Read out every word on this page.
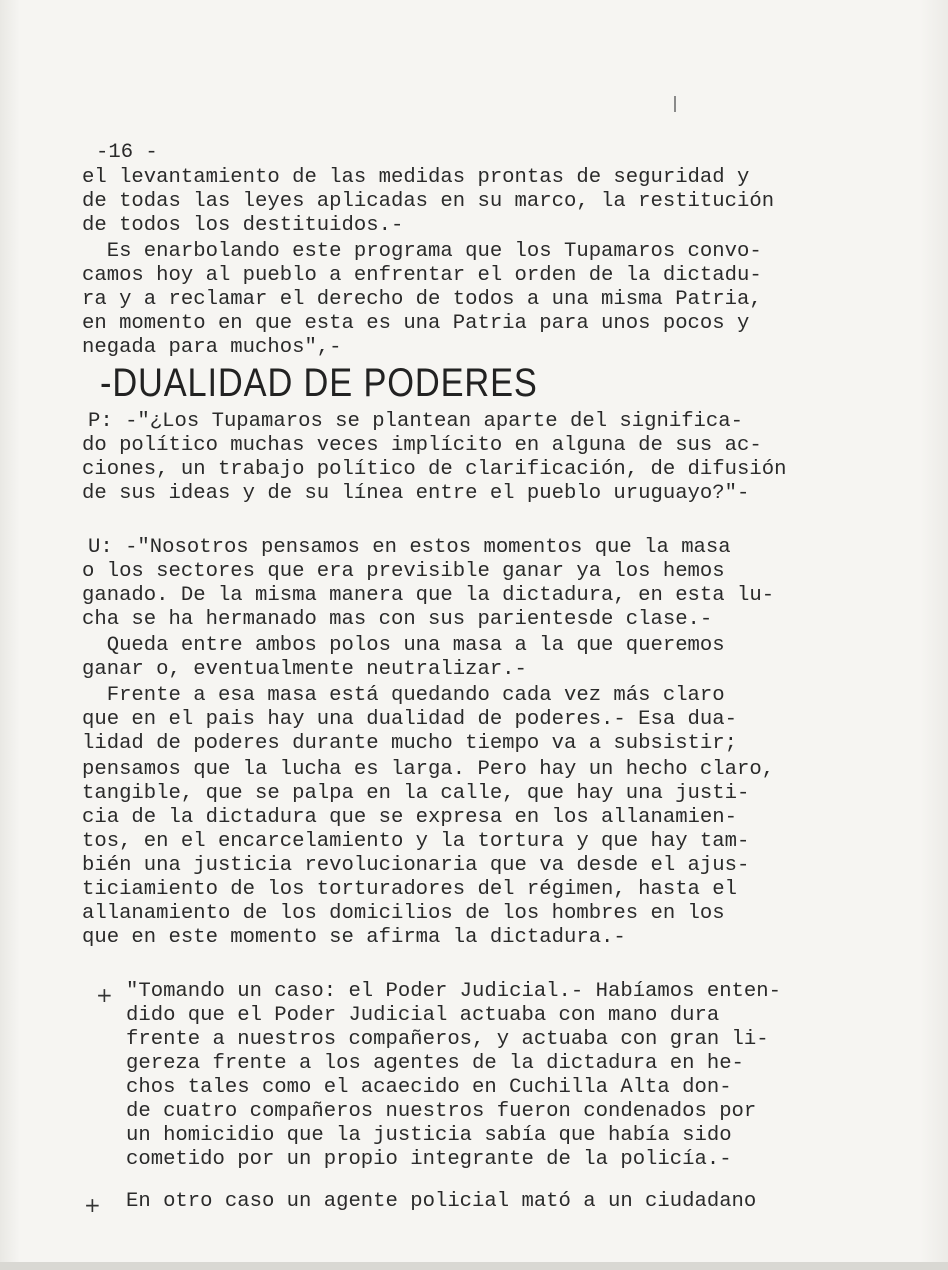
-16 -
el levantamiento de las medidas prontas de seguridad y
de todas las leyes aplicadas en su marco, la restitución
de todos los destituidos.-
Es enarbolando este programa que los Tupamaros convo-
camos hoy al pueblo a enfrentar el orden de la dictadu-
ra y a reclamar el derecho de todos a una misma Patria,
en momento en que esta es una Patria para unos pocos y
negada para muchos",-
-DUALIDAD DE PODERES
P: -"¿Los Tupamaros se plantean aparte del significa-
do político muchas veces implícito en alguna de sus ac-
ciones, un trabajo político de clarificación, de difusión
de sus ideas y de su línea entre el pueblo uruguayo?"-
U: -"Nosotros pensamos en estos momentos que la masa
o los sectores que era previsible ganar ya los hemos
ganado. De la misma manera que la dictadura, en esta lu-
cha se ha hermanado mas con sus parientesde clase.-
Queda entre ambos polos una masa a la que queremos
ganar o, eventualmente neutralizar.-
Frente a esa masa está quedando cada vez más claro
que en el pais hay una dualidad de poderes.- Esa dua-
lidad de poderes durante mucho tiempo va a subsistir;
pensamos que la lucha es larga. Pero hay un hecho claro,
tangible, que se palpa en la calle, que hay una justi-
cia de la dictadura que se expresa en los allanamien-
tos, en el encarcelamiento y la tortura y que hay tam-
bién una justicia revolucionaria que va desde el ajus-
ticiamiento de los torturadores del régimen, hasta el
allanamiento de los domicilios de los hombres en los
que en este momento se afirma la dictadura.-
+ "Tomando un caso: el Poder Judicial.- Habíamos enten-
dido que el Poder Judicial actuaba con mano dura
frente a nuestros compañeros, y actuaba con gran li-
gereza frente a los agentes de la dictadura en he-
chos tales como el acaecido en Cuchilla Alta don-
de cuatro compañeros nuestros fueron condenados por
un homicidio que la justicia sabía que había sido
cometido por un propio integrante de la policía.-
+ En otro caso un agente policial mató a un ciudadano
